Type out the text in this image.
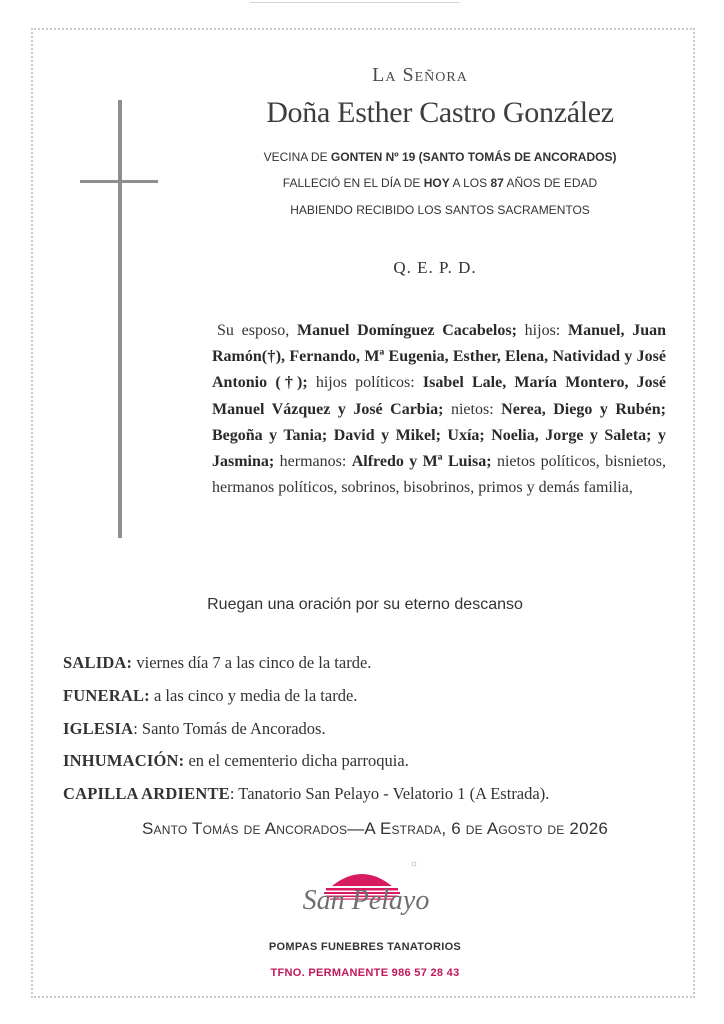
La Señora
Doña Esther Castro González
VECINA DE GONTEN Nº 19 (SANTO TOMÁS DE ANCORADOS)
FALLECIÓ EN EL DÍA DE HOY A LOS 87 AÑOS DE EDAD
HABIENDO RECIBIDO LOS SANTOS SACRAMENTOS
Q. E. P. D.
Su esposo, Manuel Domínguez Cacabelos; hijos: Manuel, Juan Ramón(†), Fernando, Mª Eugenia, Esther, Elena, Natividad y José Antonio (†); hijos políticos: Isabel Lale, María Montero, José Manuel Vázquez y José Carbia; nietos: Nerea, Diego y Rubén; Begoña y Tania; David y Mikel; Uxía; Noelia, Jorge y Saleta; y Jasmina; hermanos: Alfredo y Mª Luisa; nietos políticos, bisnietos, hermanos políticos, sobrinos, bisobrinos, primos y demás familia,
Ruegan una oración por su eterno descanso
SALIDA: viernes día 7 a las cinco de la tarde.
FUNERAL: a las cinco y media de la tarde.
IGLESIA: Santo Tomás de Ancorados.
INHUMACIÓN: en el cementerio dicha parroquia.
CAPILLA ARDIENTE: Tanatorio San Pelayo - Velatorio 1 (A Estrada).
Santo Tomás de Ancorados—A Estrada, 6 de Agosto de 2026
San Pelayo
POMPAS FUNEBRES TANATORIOS
TFNO. PERMANENTE 986 57 28 43
